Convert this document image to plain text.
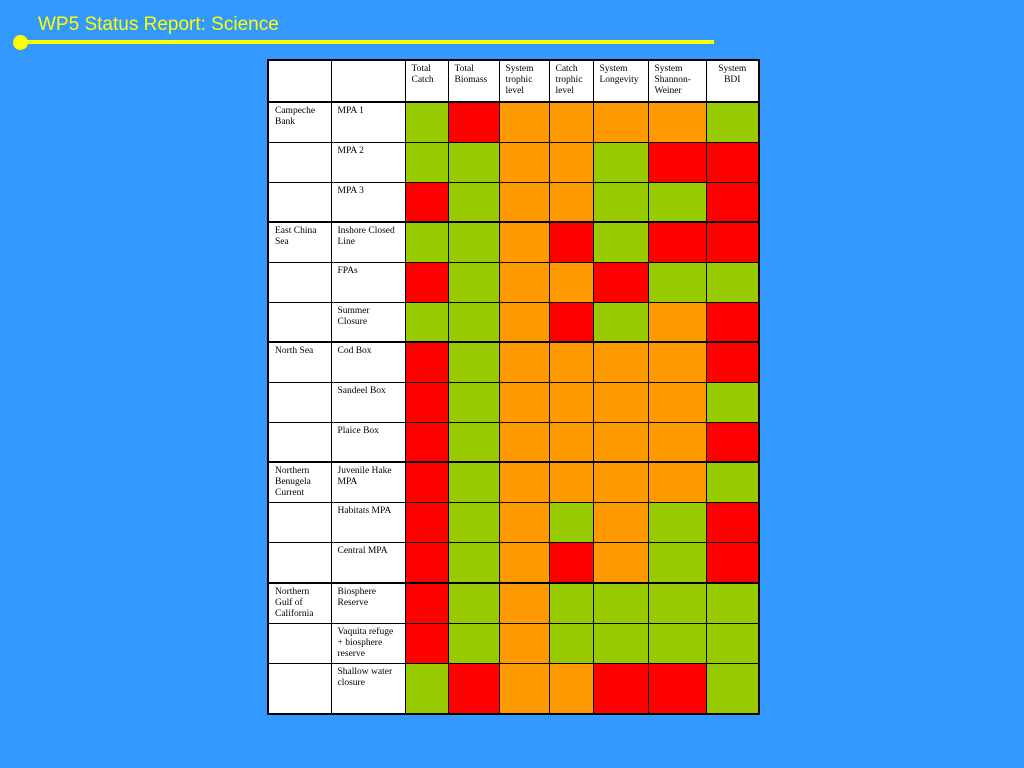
WP5 Status Report: Science
		Total Catch	Total Biomass	System trophic level	Catch trophic level	System Longevity	System Shannon-Weiner	System BDI
Campeche Bank	MPA 1							
	MPA 2							
	MPA 3							
East China Sea	Inshore Closed Line							
	FPAs							
	Summer Closure							
North Sea	Cod Box							
	Sandeel Box							
	Plaice Box							
Northern Benugela Current	Juvenile Hake MPA							
	Habitats MPA							
	Central MPA							
Northern Gulf of California	Biosphere Reserve							
	Vaquita refuge + biosphere reserve							
	Shallow water closure							
